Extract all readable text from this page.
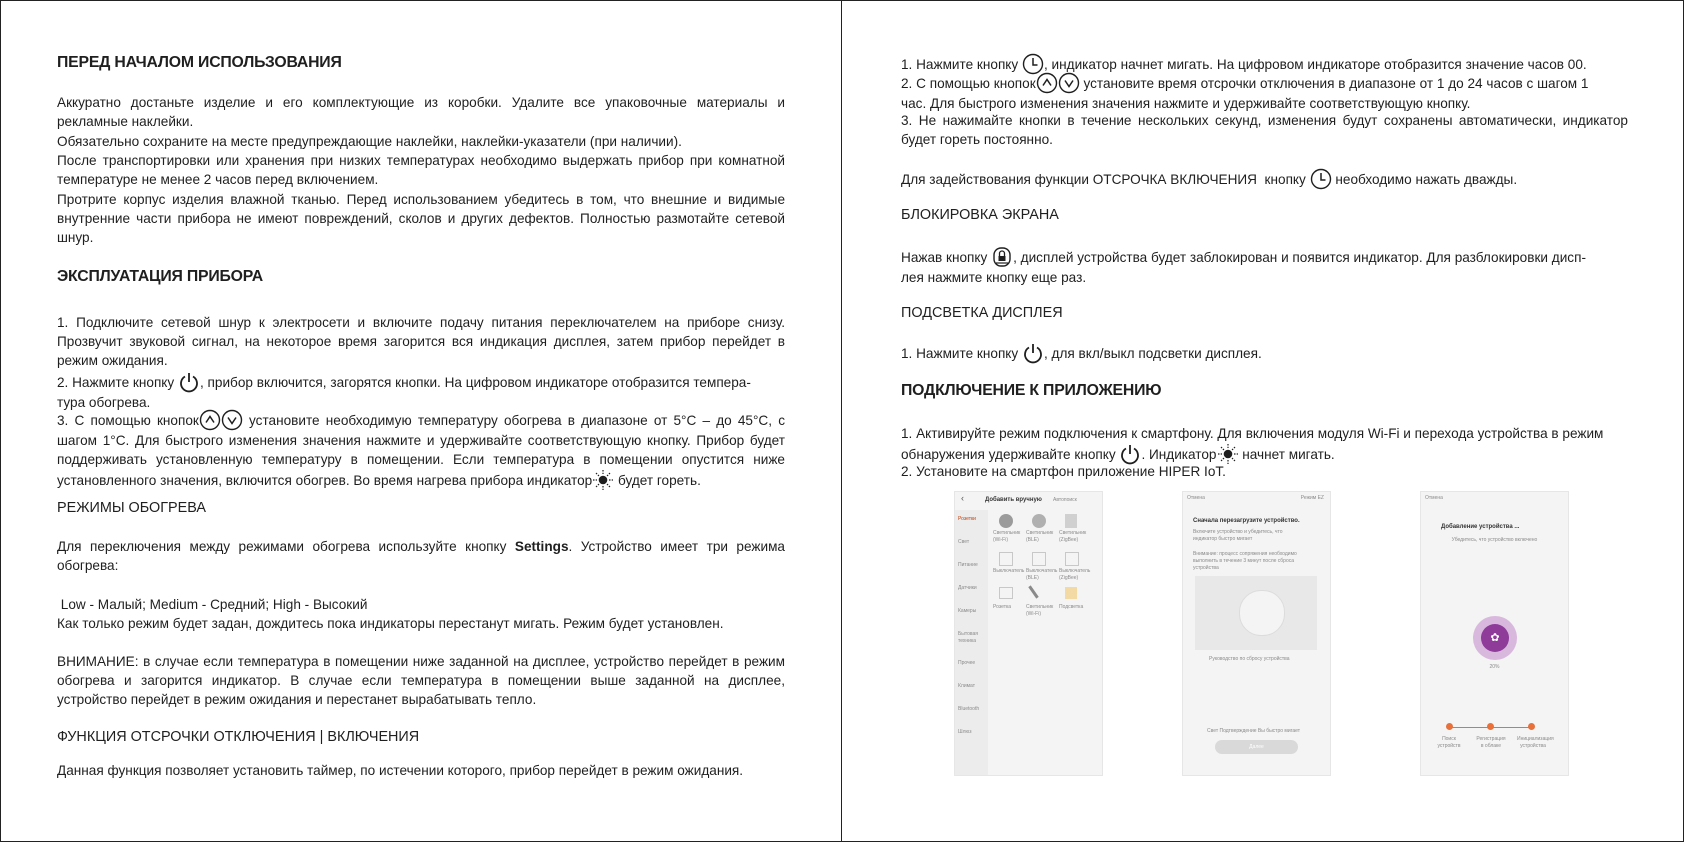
ПЕРЕД НАЧАЛОМ ИСПОЛЬЗОВАНИЯ

Аккуратно достаньте изделие и его комплектующие из коробки. Удалите все упаковочные материалы и рекламные наклейки.

Обязательно сохраните на месте предупреждающие наклейки, наклейки-указатели (при наличии).

После транспортировки или хранения при низких температурах необходимо выдержать прибор при комнатной температуре не менее 2 часов перед включением.

Протрите корпус изделия влажной тканью. Перед использованием убедитесь в том, что внешние и видимые внутренние части прибора не имеют повреждений, сколов и других дефектов. Полностью размотайте сетевой шнур.

ЭКСПЛУАТАЦИЯ ПРИБОРА

1. Подключите сетевой шнур к электросети и включите подачу питания переключателем на приборе снизу. Прозвучит звуковой сигнал, на некоторое время загорится вся индикация дисплея, затем прибор перейдет в режим ожидания.

2. Нажмите кнопку
, прибор включится, загорятся кнопки. На цифровом индикаторе отобразится темпера-
тура обогрева.

3. С помощью кнопок	установите необходимую температуру обогрева в диапазоне от 5°C – до 45°C, с шагом 1°C. Для быстрого изменения значения нажмите и удерживайте соответствующую кнопку. Прибор будет поддерживать установленную температуру в помещении. Если температура в помещении опустится ниже установленного значения, включится обогрев. Во время нагрева прибора индикатор
будет гореть.

РЕЖИМЫ ОБОГРЕВА

Для переключения между режимами обогрева используйте кнопку Settings. Устройство имеет три режима обогрева:

Low - Малый; Medium - Средний; High - Высокий

Как только режим будет задан, дождитесь пока индикаторы перестанут мигать. Режим будет установлен.

ВНИМАНИЕ: в случае если температура в помещении ниже заданной на дисплее, устройство перейдет в режим обогрева и загорится индикатор. В случае если температура в помещении выше заданной на дисплее, устройство перейдет в режим ожидания и перестанет вырабатывать тепло.

ФУНКЦИЯ ОТСРОЧКИ ОТКЛЮЧЕНИЯ | ВКЛЮЧЕНИЯ

Данная функция позволяет установить таймер, по истечении которого, прибор перейдет в режим ожидания.

1. Нажмите кнопку
, индикатор начнет мигать. На цифровом индикаторе отобразится значение часов 00.

2. С помощью кнопок	установите время отсрочки отключения в диапазоне от 1 до 24 часов с шагом 1
час. Для быстрого изменения значения нажмите и удерживайте соответствующую кнопку.

3. Не нажимайте кнопки в течение нескольких секунд, изменения будут сохранены автоматически, индикатор будет гореть постоянно.

Для задействования функции ОТСРОЧКА ВКЛЮЧЕНИЯ  кнопку
необходимо нажать дважды.

БЛОКИРОВКА ЭКРАНА

Нажав кнопку
, дисплей устройства будет заблокирован и появится индикатор. Для разблокировки дисп-
лея нажмите кнопку еще раз.

ПОДСВЕТКА ДИСПЛЕЯ

1. Нажмите кнопку
, для вкл/выкл подсветки дисплея.

ПОДКЛЮЧЕНИЕ К ПРИЛОЖЕНИЮ

1. Активируйте режим подключения к смартфону. Для включения модуля Wi-Fi и перехода устройства в режим
обнаружения удерживайте кнопку
. Индикатор
начнет мигать.

2. Установите на смартфон приложение HIPER IoT.

‹	Добавить вручную Автопоиск
Розетки
Свет
Питание
Датчики
Камеры
Бытовая техника
Прочее
Климат
Bluetooth
Шлюз
Светильник (Wi-Fi)
Светильник (BLE)
Светильник (ZigBee)
Выключатель Выключатель (BLE)
Выключатель (ZigBee)
Розетка	Светильник (Wi-Fi)
Подсветка
Отмена	Режим EZ
Сначала перезагрузите устройство.
Включите устройство и убедитесь, что индикатор быстро мигает
Внимание: процесс сопряжения необходимо выполнить в течение 3 минут после сброса устройства
Руководство по сбросу устройства
Свет Подтверждение Вы быстро мигает
Далее
Отмена
Добавление устройства ...
Убедитесь, что устройство включено
✿
20%
Поиск устройств
Регистрация в облаке
Инициализация устройства
